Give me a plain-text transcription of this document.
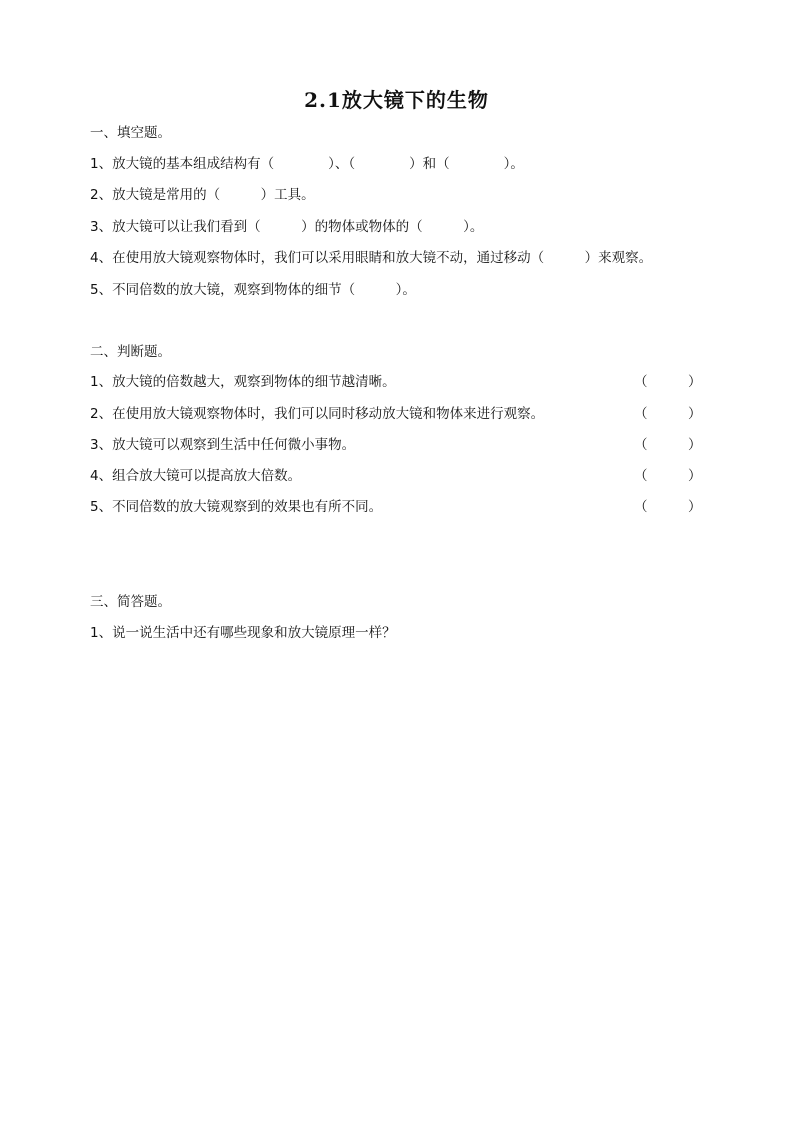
2.1放大镜下的生物
一、填空题。
1、放大镜的基本组成结构有（　　　　）、（　　　　）和（　　　　）。
2、放大镜是常用的（　　　）工具。
3、放大镜可以让我们看到（　　　）的物体或物体的（　　　）。
4、在使用放大镜观察物体时，我们可以采用眼睛和放大镜不动，通过移动（　　　）来观察。
5、不同倍数的放大镜，观察到物体的细节（　　　）。
二、判断题。
1、放大镜的倍数越大，观察到物体的细节越清晰。	（　　　）
2、在使用放大镜观察物体时，我们可以同时移动放大镜和物体来进行观察。	（　　　）
3、放大镜可以观察到生活中任何微小事物。	（　　　）
4、组合放大镜可以提高放大倍数。	（　　　）
5、不同倍数的放大镜观察到的效果也有所不同。	（　　　）
三、简答题。
1、说一说生活中还有哪些现象和放大镜原理一样？
